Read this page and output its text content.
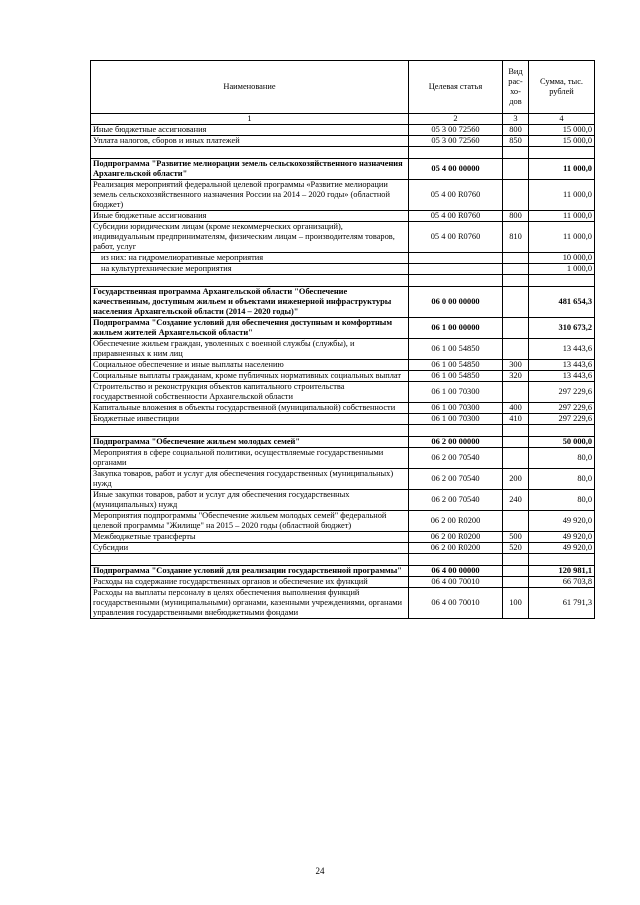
Наименование	Целевая статья	Вид рас-хо-дов	Сумма, тыс. рублей
1	2	3	4
Иные бюджетные ассигнования	05 3 00 72560	800	15 000,0
Уплата налогов, сборов и иных платежей	05 3 00 72560	850	15 000,0

Подпрограмма "Развитие мелиорации земель сельскохозяйственного назначения Архангельской области"	05 4 00 00000		11 000,0
Реализация мероприятий федеральной целевой программы «Развитие мелиорации земель сельскохозяйственного назначения России на 2014 – 2020 годы» (областной бюджет)	05 4 00 R0760		11 000,0
Иные бюджетные ассигнования	05 4 00 R0760	800	11 000,0
Субсидии юридическим лицам (кроме некоммерческих организаций), индивидуальным предпринимателям, физическим лицам – производителям товаров, работ, услуг	05 4 00 R0760	810	11 000,0
из них: на гидромелиоративные мероприятия			10 000,0
на культуртехнические мероприятия			1 000,0

Государственная программа Архангельской области "Обеспечение качественным, доступным жильем и объектами инженерной инфраструктуры населения Архангельской области (2014 – 2020 годы)"	06 0 00 00000		481 654,3
Подпрограмма "Создание условий для обеспечения доступным и комфортным жильем жителей Архангельской области"	06 1 00 00000		310 673,2
Обеспечение жильем граждан, уволенных с военной службы (службы), и приравненных к ним лиц	06 1 00 54850		13 443,6
Социальное обеспечение и иные выплаты населению	06 1 00 54850	300	13 443,6
Социальные выплаты гражданам, кроме публичных нормативных социальных выплат	06 1 00 54850	320	13 443,6
Строительство и реконструкция объектов капитального строительства государственной собственности Архангельской области	06 1 00 70300		297 229,6
Капитальные вложения в объекты государственной (муниципальной) собственности	06 1 00 70300	400	297 229,6
Бюджетные инвестиции	06 1 00 70300	410	297 229,6

Подпрограмма "Обеспечение жильем молодых семей"	06 2 00 00000		50 000,0
Мероприятия в сфере социальной политики, осуществляемые государственными органами	06 2 00 70540		80,0
Закупка товаров, работ и услуг для обеспечения государственных (муниципальных) нужд	06 2 00 70540	200	80,0
Иные закупки товаров, работ и услуг для обеспечения государственных (муниципальных) нужд	06 2 00 70540	240	80,0
Мероприятия подпрограммы "Обеспечение жильем молодых семей" федеральной целевой программы "Жилище" на 2015 – 2020 годы (областной бюджет)	06 2 00 R0200		49 920,0
Межбюджетные трансферты	06 2 00 R0200	500	49 920,0
Субсидии	06 2 00 R0200	520	49 920,0

Подпрограмма "Создание условий для реализации государственной программы"	06 4 00 00000		120 981,1
Расходы на содержание государственных органов и обеспечение их функций	06 4 00 70010		66 703,8
Расходы на выплаты персоналу в целях обеспечения выполнения функций государственными (муниципальными) органами, казенными учреждениями, органами управления государственными внебюджетными фондами	06 4 00 70010	100	61 791,3
24
